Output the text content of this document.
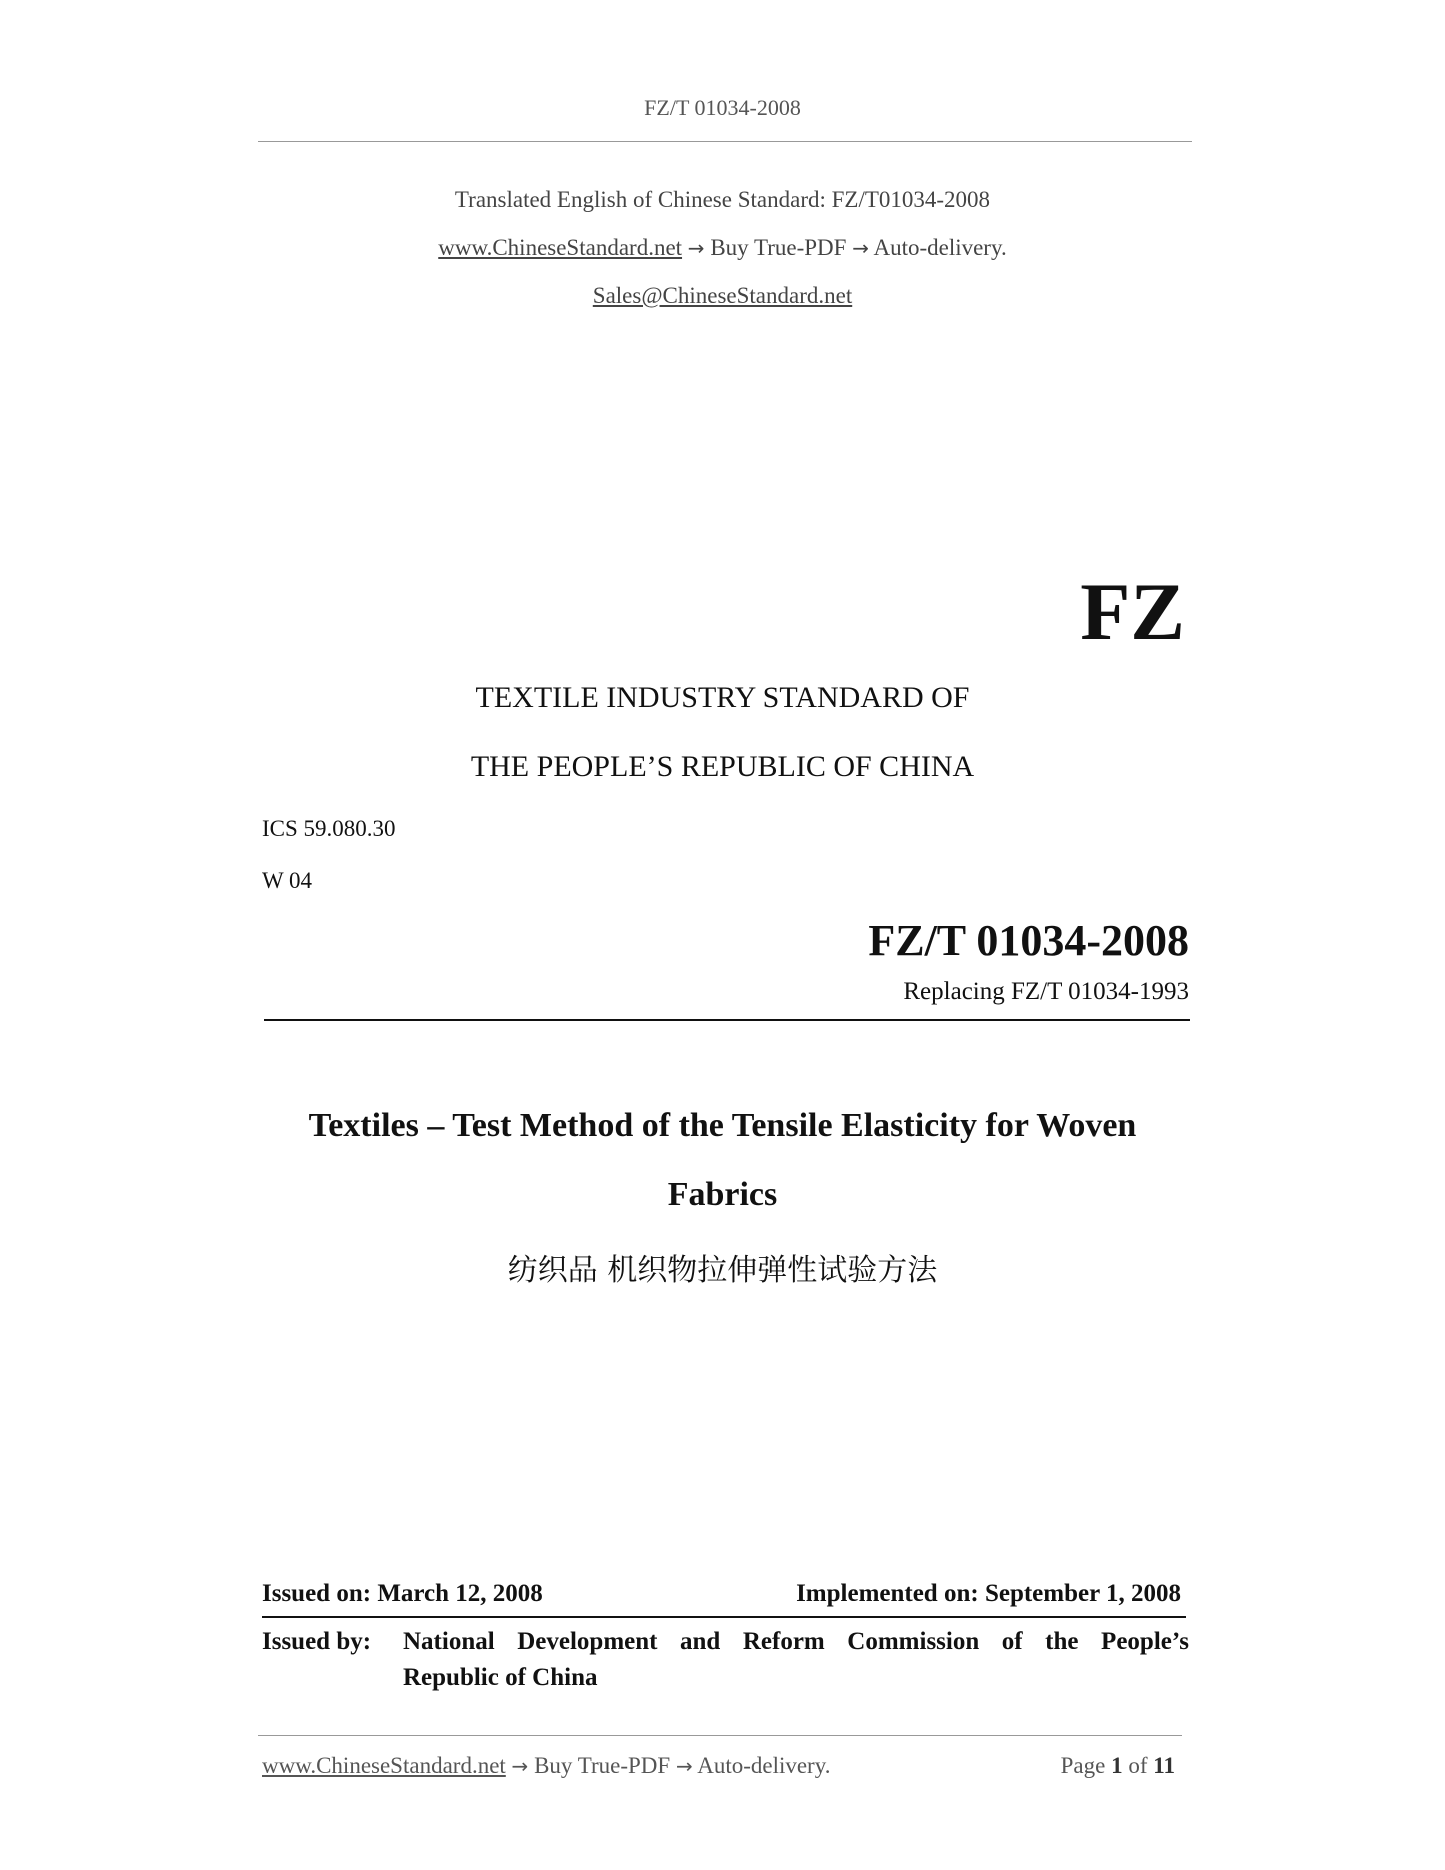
FZ/T 01034-2008
Translated English of Chinese Standard: FZ/T01034-2008
www.ChineseStandard.net → Buy True-PDF → Auto-delivery.
Sales@ChineseStandard.net
FZ
TEXTILE INDUSTRY STANDARD OF
THE PEOPLE’S REPUBLIC OF CHINA
ICS 59.080.30
W 04
FZ/T 01034-2008
Replacing FZ/T 01034-1993
Textiles – Test Method of the Tensile Elasticity for Woven
Fabrics
纺织品 机织物拉伸弹性试验方法
Issued on: March 12, 2008	Implemented on: September 1, 2008
Issued by: National Development and Reform Commission of the People’s
Republic of China
www.ChineseStandard.net → Buy True-PDF → Auto-delivery.	Page 1 of 11
